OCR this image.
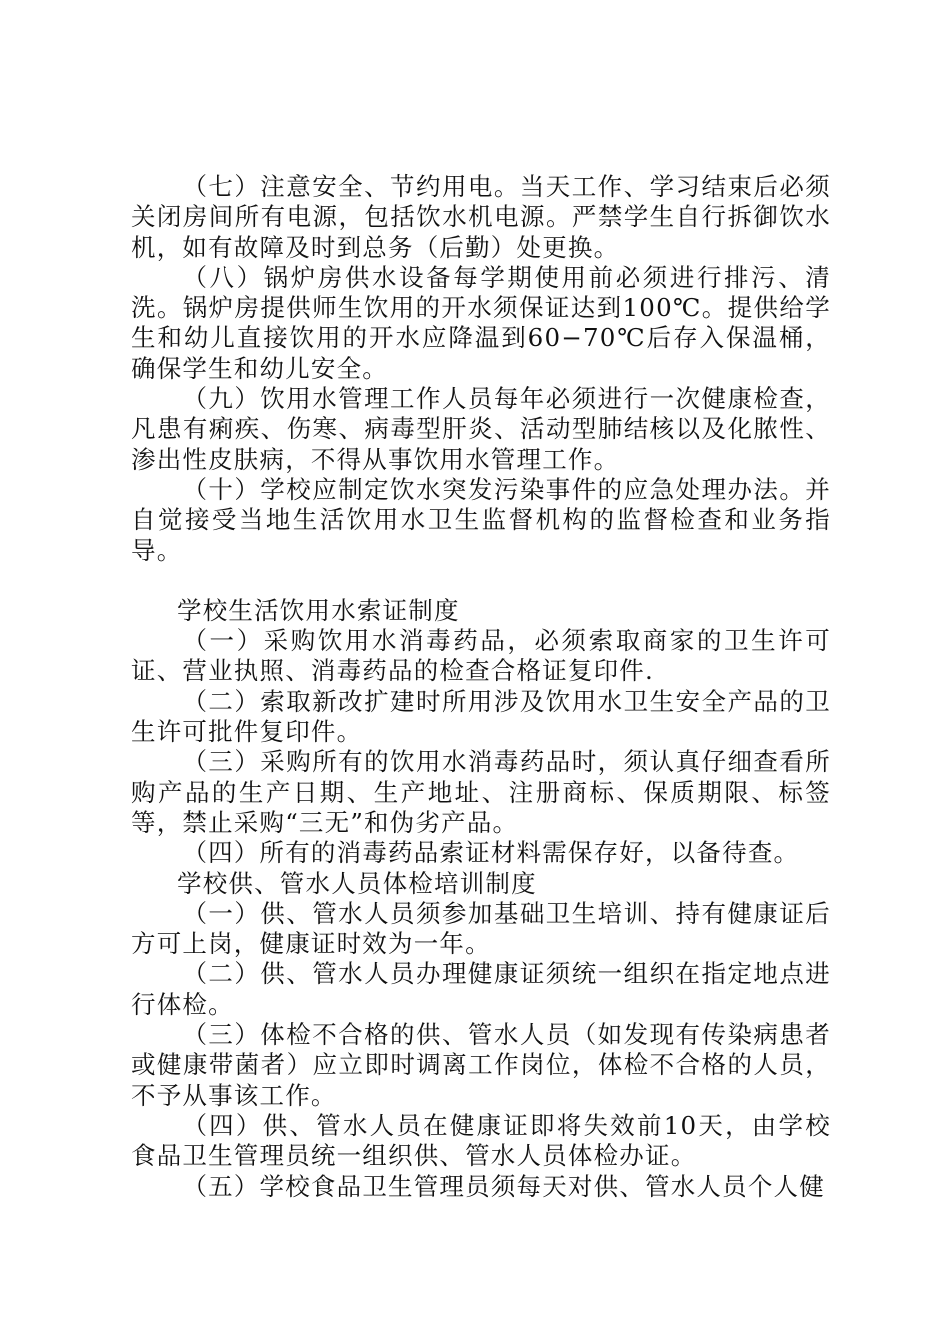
（七）注意安全、节约用电。当天工作、学习结束后必须关闭房间所有电源，包括饮水机电源。严禁学生自行拆御饮水机，如有故障及时到总务（后勤）处更换。

（八）锅炉房供水设备每学期使用前必须进行排污、清洗。锅炉房提供师生饮用的开水须保证达到100℃。提供给学生和幼儿直接饮用的开水应降温到60−70℃后存入保温桶，确保学生和幼儿安全。

（九）饮用水管理工作人员每年必须进行一次健康检查，凡患有痢疾、伤寒、病毒型肝炎、活动型肺结核以及化脓性、渗出性皮肤病，不得从事饮用水管理工作。

（十）学校应制定饮水突发污染事件的应急处理办法。并自觉接受当地生活饮用水卫生监督机构的监督检查和业务指导。

学校生活饮用水索证制度

（一）采购饮用水消毒药品，必须索取商家的卫生许可证、营业执照、消毒药品的检查合格证复印件.

（二）索取新改扩建时所用涉及饮用水卫生安全产品的卫生许可批件复印件。

（三）采购所有的饮用水消毒药品时，须认真仔细查看所购产品的生产日期、生产地址、注册商标、保质期限、标签等，禁止采购“三无”和伪劣产品。

（四）所有的消毒药品索证材料需保存好，以备待查。

学校供、管水人员体检培训制度

（一）供、管水人员须参加基础卫生培训、持有健康证后方可上岗，健康证时效为一年。

（二）供、管水人员办理健康证须统一组织在指定地点进行体检。

（三）体检不合格的供、管水人员（如发现有传染病患者或健康带菌者）应立即时调离工作岗位，体检不合格的人员，不予从事该工作。

（四）供、管水人员在健康证即将失效前10天，由学校食品卫生管理员统一组织供、管水人员体检办证。

（五）学校食品卫生管理员须每天对供、管水人员个人健
